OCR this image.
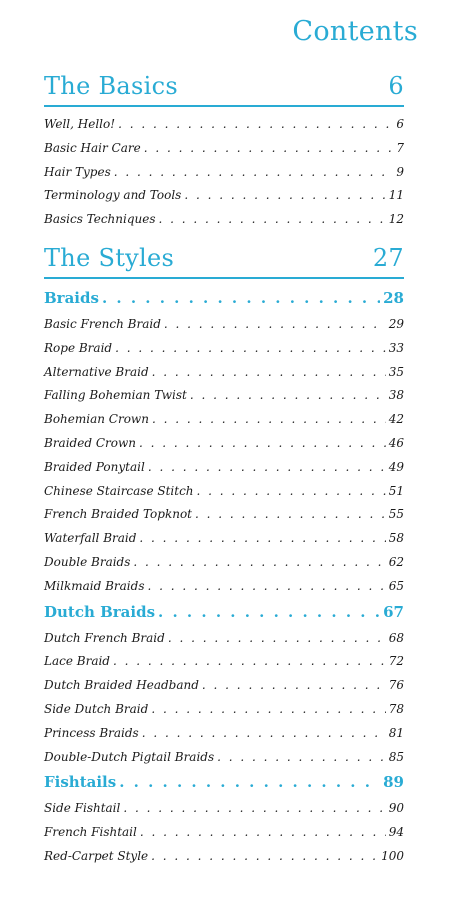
Contents
The Basics	6
Well, Hello! . . .	6
Basic Hair Care . . .	7
Hair Types . . .	9
Terminology and Tools . . .	11
Basics Techniques . . .	12
The Styles	27
Braids . . .	28
Basic French Braid . . .	29
Rope Braid . . .	33
Alternative Braid . . .	35
Falling Bohemian Twist . . .	38
Bohemian Crown . . .	42
Braided Crown . . .	46
Braided Ponytail . . .	49
Chinese Staircase Stitch . . .	51
French Braided Topknot . . .	55
Waterfall Braid . . .	58
Double Braids . . .	62
Milkmaid Braids . . .	65
Dutch Braids . . .	67
Dutch French Braid . . .	68
Lace Braid . . .	72
Dutch Braided Headband . . .	76
Side Dutch Braid . . .	78
Princess Braids . . .	81
Double-Dutch Pigtail Braids . . .	85
Fishtails . . .	89
Side Fishtail . . .	90
French Fishtail . . .	94
Red-Carpet Style . . .	100
